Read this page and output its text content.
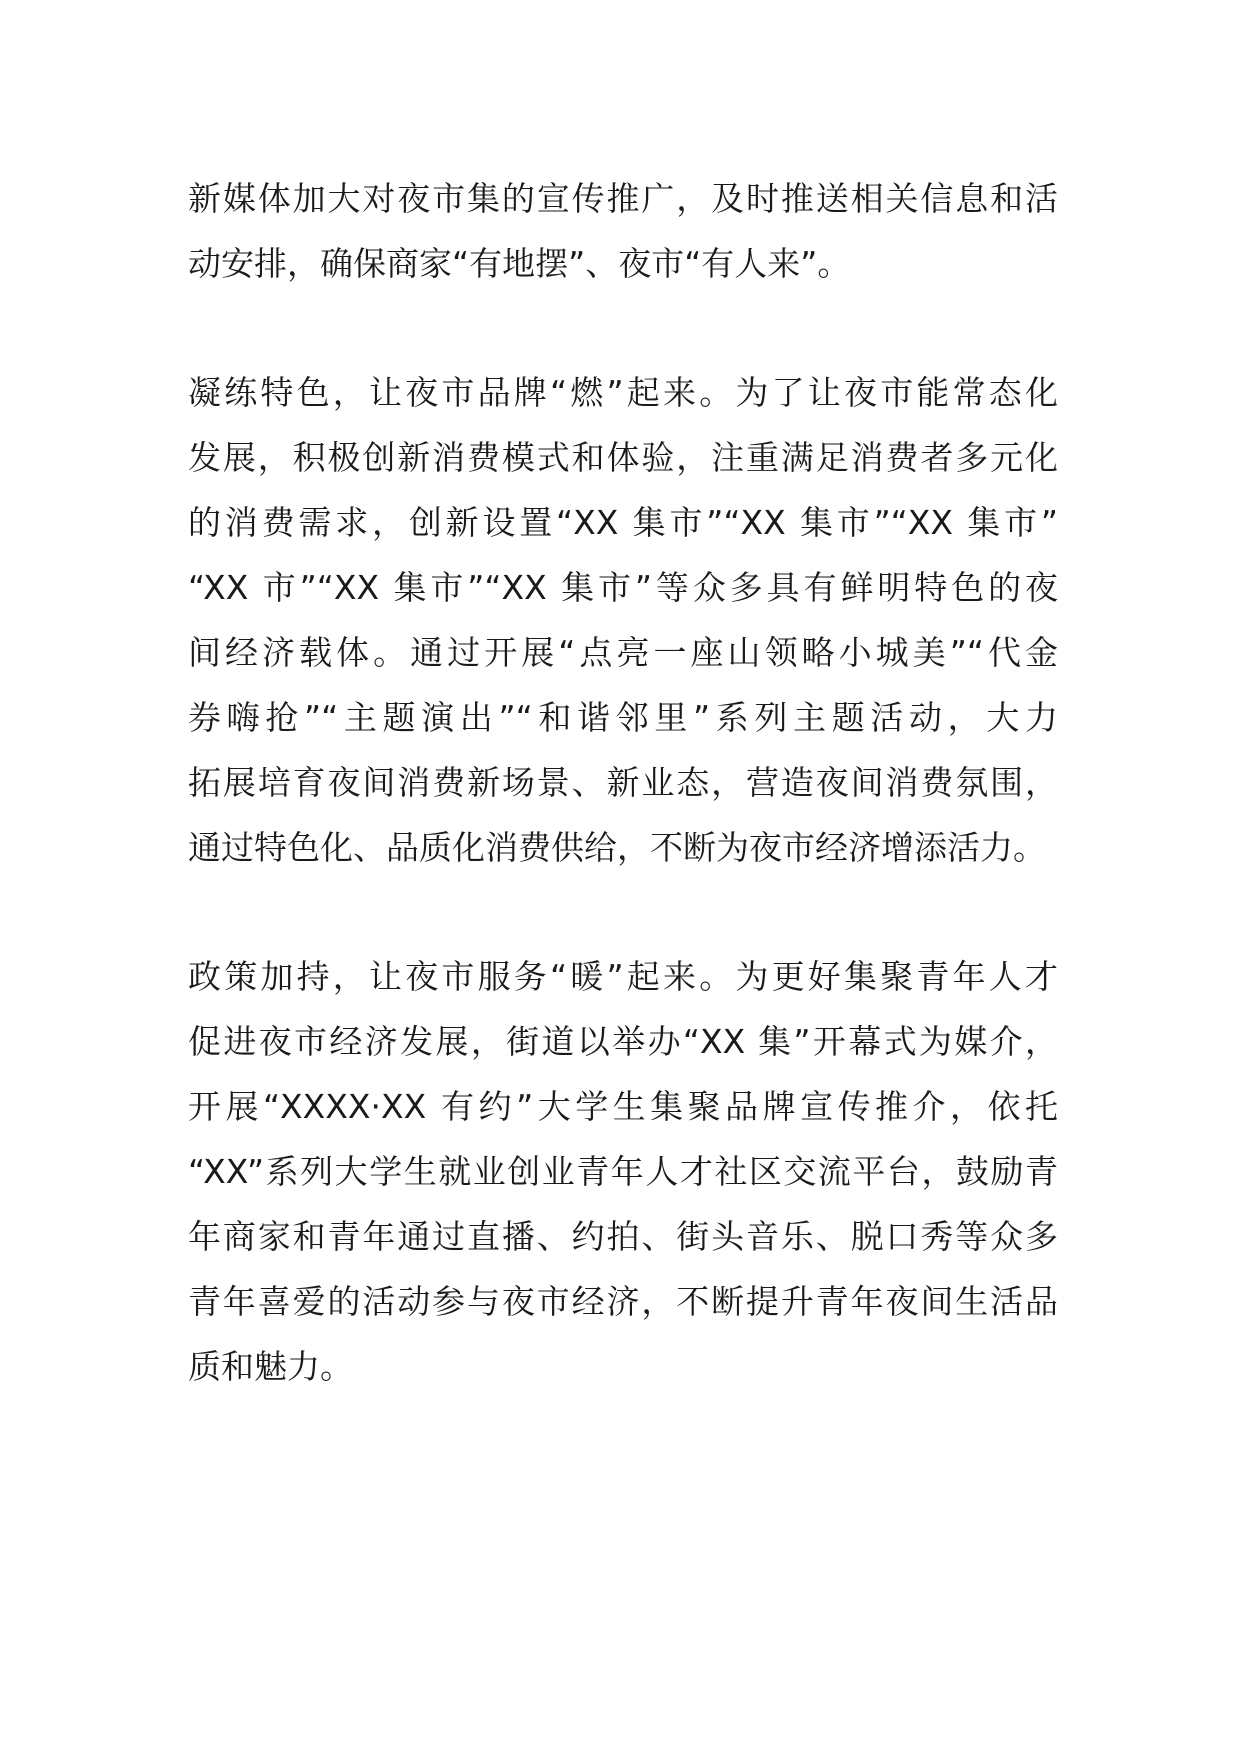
新媒体加大对夜市集的宣传推广，及时推送相关信息和活
动安排，确保商家“有地摆”、夜市“有人来”。
凝练特色，让夜市品牌“燃”起来。为了让夜市能常态化
发展，积极创新消费模式和体验，注重满足消费者多元化
的消费需求，创新设置“XX 集市”“XX 集市”“XX 集市”
“XX 市”“XX 集市”“XX 集市”等众多具有鲜明特色的夜
间经济载体。通过开展“点亮一座山领略小城美”“代金
券嗨抢”“主题演出”“和谐邻里”系列主题活动，大力
拓展培育夜间消费新场景、新业态，营造夜间消费氛围，
通过特色化、品质化消费供给，不断为夜市经济增添活力。
政策加持，让夜市服务“暖”起来。为更好集聚青年人才
促进夜市经济发展，街道以举办“XX 集”开幕式为媒介，
开展“XXXX·XX 有约”大学生集聚品牌宣传推介，依托
“XX”系列大学生就业创业青年人才社区交流平台，鼓励青
年商家和青年通过直播、约拍、街头音乐、脱口秀等众多
青年喜爱的活动参与夜市经济，不断提升青年夜间生活品
质和魅力。
